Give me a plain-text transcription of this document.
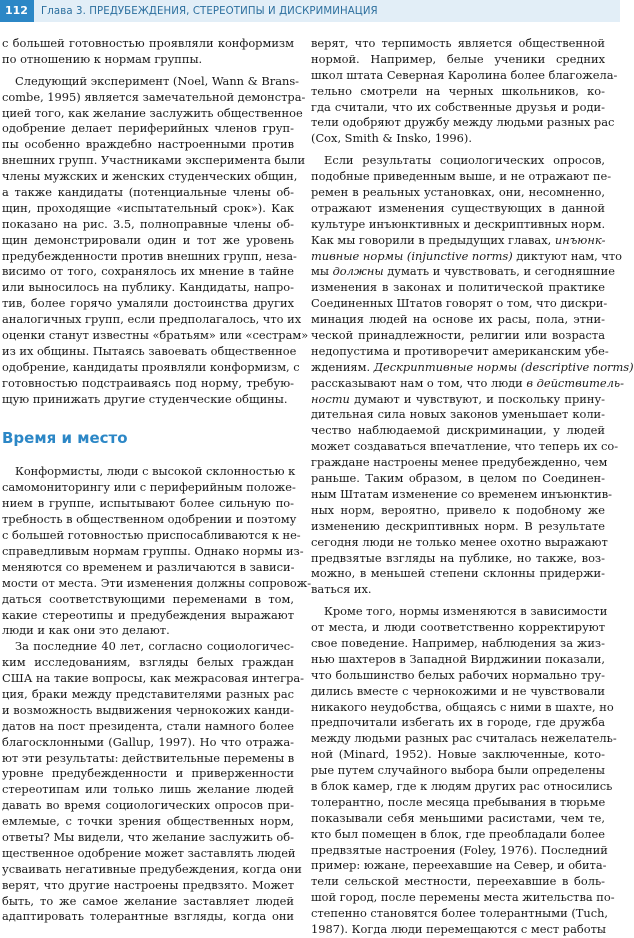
112	Глава 3. ПРЕДУБЕЖДЕНИЯ, СТЕРЕОТИПЫ И ДИСКРИМИНАЦИЯ
с большей готовностью проявляли конформизм
по отношению к нормам группы.
Следующий эксперимент (Noel, Wann & Brans-
combe, 1995) является замечательной демонстра-
цией того, как желание заслужить общественное
одобрение делает периферийных членов груп-
пы особенно враждебно настроенными против
внешних групп. Участниками эксперимента были
члены мужских и женских студенческих общин,
а также кандидаты (потенциальные члены об-
щин, проходящие «испытательный срок»). Как
показано на рис. 3.5, полноправные члены об-
щин демонстрировали один и тот же уровень
предубежденности против внешних групп, неза-
висимо от того, сохранялось их мнение в тайне
или выносилось на публику. Кандидаты, напро-
тив, более горячо умаляли достоинства других
аналогичных групп, если предполагалось, что их
оценки станут известны «братьям» или «сестрам»
из их общины. Пытаясь завоевать общественное
одобрение, кандидаты проявляли конформизм, с
готовностью подстраиваясь под норму, требую-
щую принижать другие студенческие общины.
Время и место
Конформисты, люди с высокой склонностью к
самомониторингу или с периферийным положе-
нием в группе, испытывают более сильную по-
требность в общественном одобрении и поэтому
с большей готовностью приспосабливаются к не-
справедливым нормам группы. Однако нормы из-
меняются со временем и различаются в зависи-
мости от места. Эти изменения должны сопровож-
даться соответствующими переменами в том,
какие стереотипы и предубеждения выражают
люди и как они это делают.
За последние 40 лет, согласно социологичес-
ким исследованиям, взгляды белых граждан
США на такие вопросы, как межрасовая интегра-
ция, браки между представителями разных рас
и возможность выдвижения чернокожих канди-
датов на пост президента, стали намного более
благосклонными (Gallup, 1997). Но что отража-
ют эти результаты: действительные перемены в
уровне предубежденности и приверженности
стереотипам или только лишь желание людей
давать во время социологических опросов при-
емлемые, с точки зрения общественных норм,
ответы? Мы видели, что желание заслужить об-
щественное одобрение может заставлять людей
усваивать негативные предубеждения, когда они
верят, что другие настроены предвзято. Может
быть, то же самое желание заставляет людей
адаптировать толерантные взгляды, когда они
верят, что терпимость является общественной
нормой. Например, белые ученики средних
школ штата Северная Каролина более благожела-
тельно смотрели на черных школьников, ко-
гда считали, что их собственные друзья и роди-
тели одобряют дружбу между людьми разных рас
(Cox, Smith & Insko, 1996).
Если результаты социологических опросов,
подобные приведенным выше, и не отражают пе-
ремен в реальных установках, они, несомненно,
отражают изменения существующих в данной
культуре инъюнктивных и дескриптивных норм.
Как мы говорили в предыдущих главах, инъюнк-
тивные нормы (injunctive norms) диктуют нам, что
мы должны думать и чувствовать, и сегодняшние
изменения в законах и политической практике
Соединенных Штатов говорят о том, что дискри-
минация людей на основе их расы, пола, этни-
ческой принадлежности, религии или возраста
недопустима и противоречит американским убе-
ждениям. Дескриптивные нормы (descriptive norms)
рассказывают нам о том, что люди в действитель-
ности думают и чувствуют, и поскольку прину-
дительная сила новых законов уменьшает коли-
чество наблюдаемой дискриминации, у людей
может создаваться впечатление, что теперь их со-
граждане настроены менее предубежденно, чем
раньше. Таким образом, в целом по Соединен-
ным Штатам изменение со временем инъюнктив-
ных норм, вероятно, привело к подобному же
изменению дескриптивных норм. В результате
сегодня люди не только менее охотно выражают
предвзятые взгляды на публике, но также, воз-
можно, в меньшей степени склонны придержи-
ваться их.
Кроме того, нормы изменяются в зависимости
от места, и люди соответственно корректируют
свое поведение. Например, наблюдения за жиз-
нью шахтеров в Западной Вирджинии показали,
что большинство белых рабочих нормально тру-
дились вместе с чернокожими и не чувствовали
никакого неудобства, общаясь с ними в шахте, но
предпочитали избегать их в городе, где дружба
между людьми разных рас считалась нежелатель-
ной (Minard, 1952). Новые заключенные, кото-
рые путем случайного выбора были определены
в блок камер, где к людям других рас относились
толерантно, после месяца пребывания в тюрьме
показывали себя меньшими расистами, чем те,
кто был помещен в блок, где преобладали более
предвзятые настроения (Foley, 1976). Последний
пример: южане, переехавшие на Север, и обита-
тели сельской местности, переехавшие в боль-
шой город, после перемены места жительства по-
степенно становятся более толерантными (Tuch,
1987). Когда люди перемещаются с мест работы
